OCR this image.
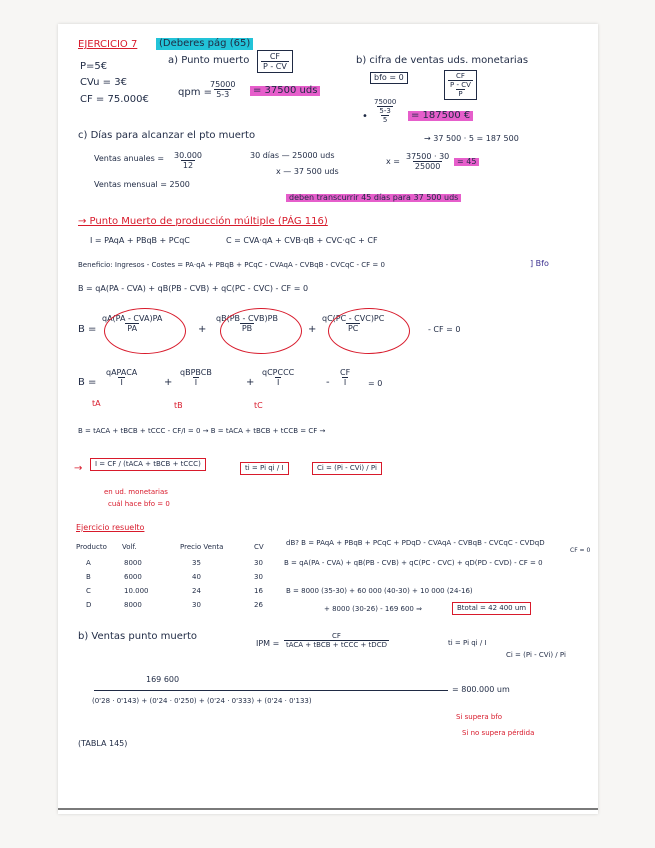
EJERCICIO 7	(Deberes pág (65)
P=5€
CVu = 3€
CF = 75.000€
a) Punto muerto $\frac{CF}{P - CV}$
qpm =
$\frac{75000}{5-3}$	= 37500 uds
b) cifra de ventas uds. monetarias
bfo = 0	CF
P - CV
P
•
75000
5-3
5	= 187500 €
→ 37 500 · 5 = 187 500
c) Días para alcanzar el pto muerto
Ventas anuales = $\frac{30.000}{12}$
Ventas mensual = 2500
30 días — 25000 uds
x — 37 500 uds
$x = \frac{37500 \cdot 30}{25000} = 45$
deben transcurrir 45 días para 37 500 uds
→ Punto Muerto de producción múltiple (PÁG 116)
I = PAqA + PBqB + PCqC	C = CVA·qA + CVB·qB + CVC·qC + CF
Beneficio: Ingresos - Costes = PA·qA + PBqB + PCqC - CVAqA - CVBqB - CVCqC - CF = 0	] Bfo
B = qA(PA - CVA) + qB(PB - CVB) + qC(PC - CVC) - CF = 0
B =
qA(PA - CVA)PA
PA	+
qB(PB - CVB)PB
PB	+
qC(PC - CVC)PC
PC	- CF = 0
B =
qAPACA
I
tA
+
qBPBCB
I
tB
+
qCPCCC
I
tC
- $\frac{CF}{I} = 0$
B = tACA + tBCB + tCCC - CF/I = 0 → B = tACA + tBCB + tCCB = CF →
→	I = CF / (tACA + tBCB + tCCC)
en ud. monetarias
cuál hace bfo = 0
ti = Pi qi / I	Ci = (Pi - CVi) / Pi
Ejercicio resuelto
Producto Volf.	Precio Venta	CV
A	8000	35	30
B	6000	40	30
C	10.000	24	16
D	8000	30	26
dB? B = PAqA + PBqB + PCqC + PDqD - CVAqA - CVBqB - CVCqC - CVDqD
B = qA(PA - CVA) + qB(PB - CVB) + qC(PC - CVC) + qD(PD - CVD) - CF = 0
CF = 0
B = 8000 (35-30) + 60 000 (40-30) + 10 000 (24-16)
+ 8000 (30-26) - 169 600 ⇒	Btotal = 42 400 um
b) Ventas punto muerto
IPM =
CF
tACA + tBCB + tCCC + tDCD	ti = Pi qi / I
Ci = (Pi - CVi) / Pi
169 600
(0'28 · 0'143) + (0'24 · 0'250) + (0'24 · 0'333) + (0'24 · 0'133)
= 800.000 um
Si supera bfo
Si no supera pérdida
(TABLA 145)
